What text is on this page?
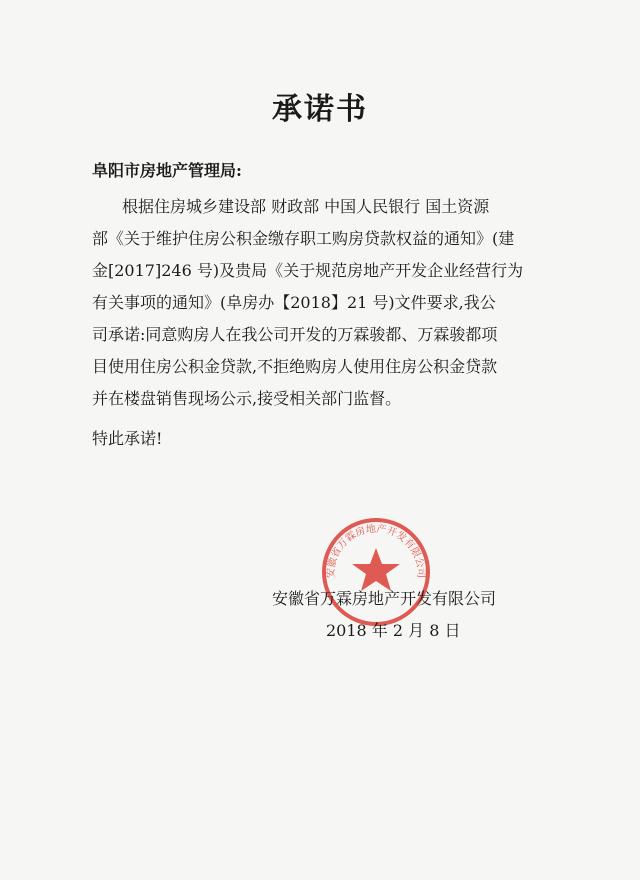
承诺书
阜阳市房地产管理局:
根据住房城乡建设部 财政部 中国人民银行 国土资源
部《关于维护住房公积金缴存职工购房贷款权益的通知》(建
金[2017]246 号)及贵局《关于规范房地产开发企业经营行为
有关事项的通知》(阜房办【2018】21 号)文件要求,我公
司承诺:同意购房人在我公司开发的万霖骏都、万霖骏都项
目使用住房公积金贷款,不拒绝购房人使用住房公积金贷款
并在楼盘销售现场公示,接受相关部门监督。
特此承诺!
安徽省万霖房地产开发有限公司
安徽省万霖房地产开发有限公司
2018 年 2 月 8 日
